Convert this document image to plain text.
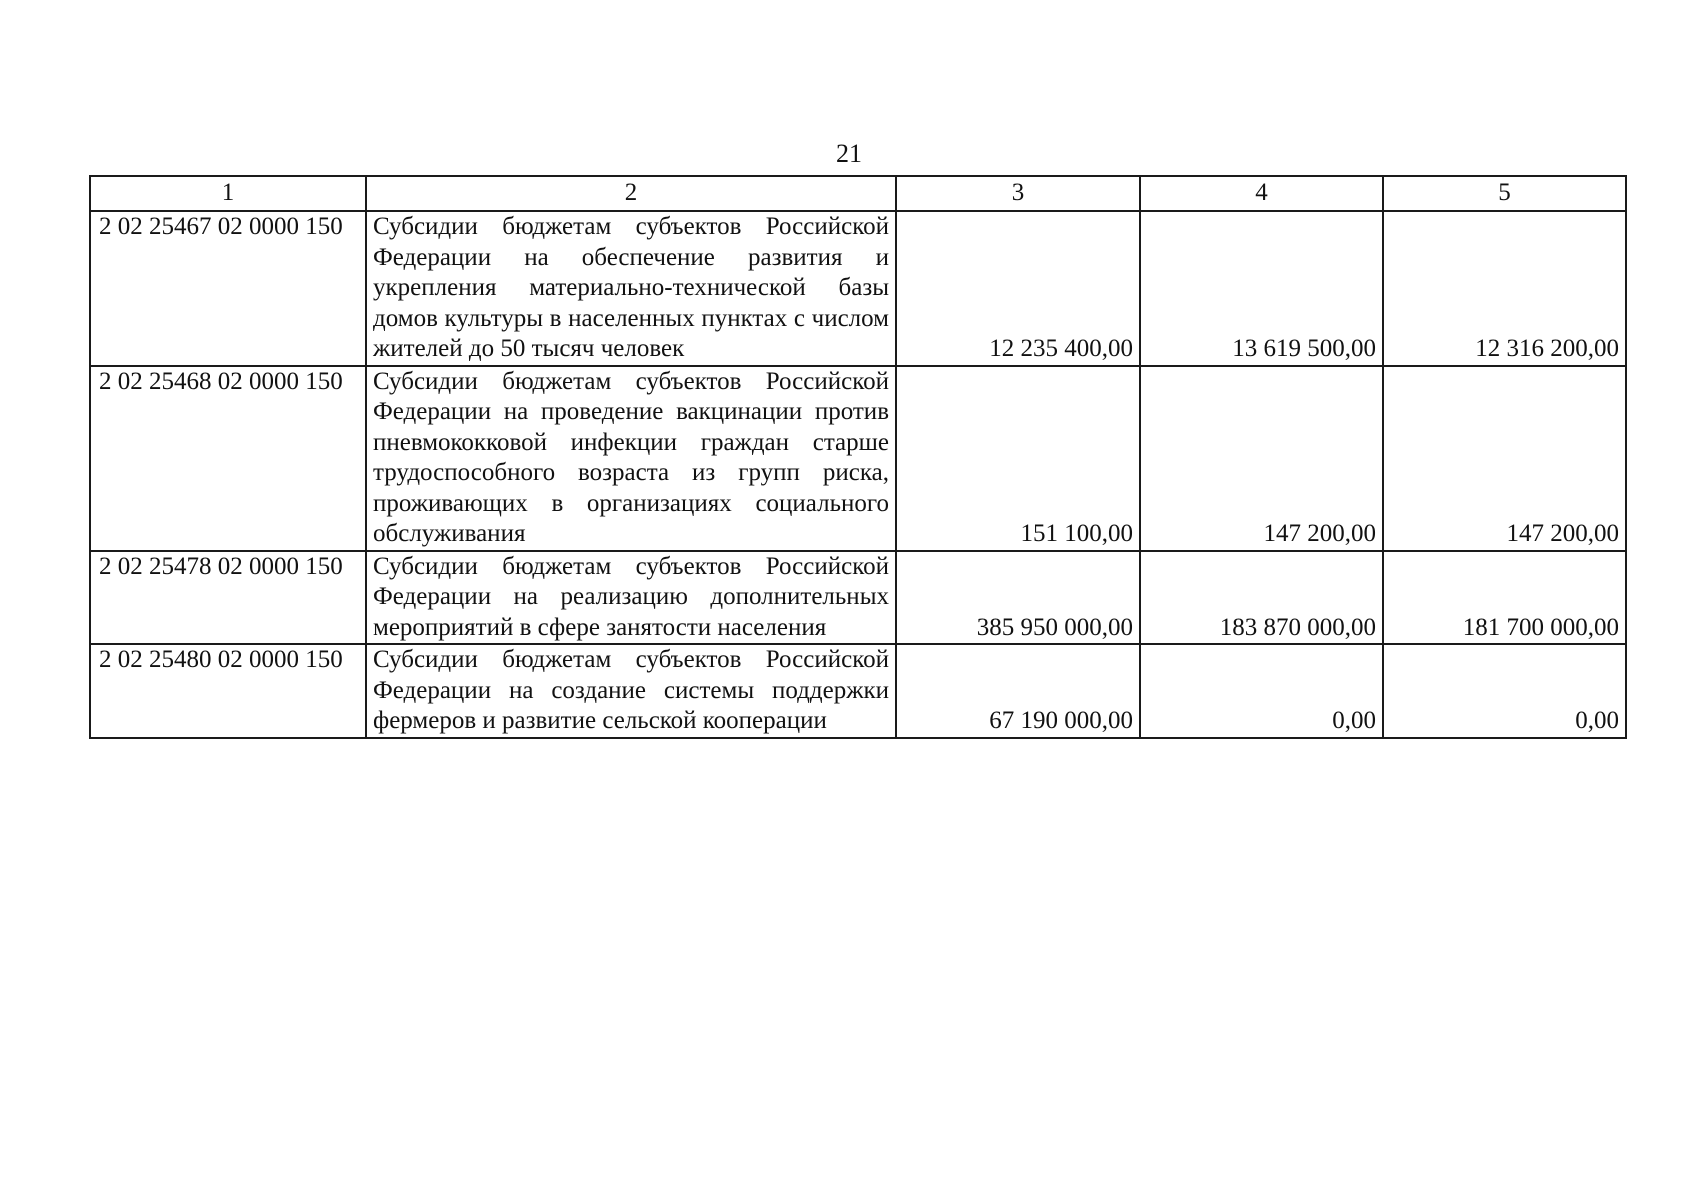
21
1	2	3	4	5
2 02 25467 02 0000 150	Субсидии бюджетам субъектов Российской Федерации на обеспечение развития и укрепления материально-технической базы домов культуры в населенных пунктах с числом жителей до 50 тысяч человек	12 235 400,00	13 619 500,00	12 316 200,00
2 02 25468 02 0000 150	Субсидии бюджетам субъектов Российской Федерации на проведение вакцинации против пневмококковой инфекции граждан старше трудоспособного возраста из групп риска, проживающих в организациях социального обслуживания	151 100,00	147 200,00	147 200,00
2 02 25478 02 0000 150	Субсидии бюджетам субъектов Российской Федерации на реализацию дополнительных мероприятий в сфере занятости населения	385 950 000,00	183 870 000,00	181 700 000,00
2 02 25480 02 0000 150	Субсидии бюджетам субъектов Российской Федерации на создание системы поддержки фермеров и развитие сельской кооперации	67 190 000,00	0,00	0,00
